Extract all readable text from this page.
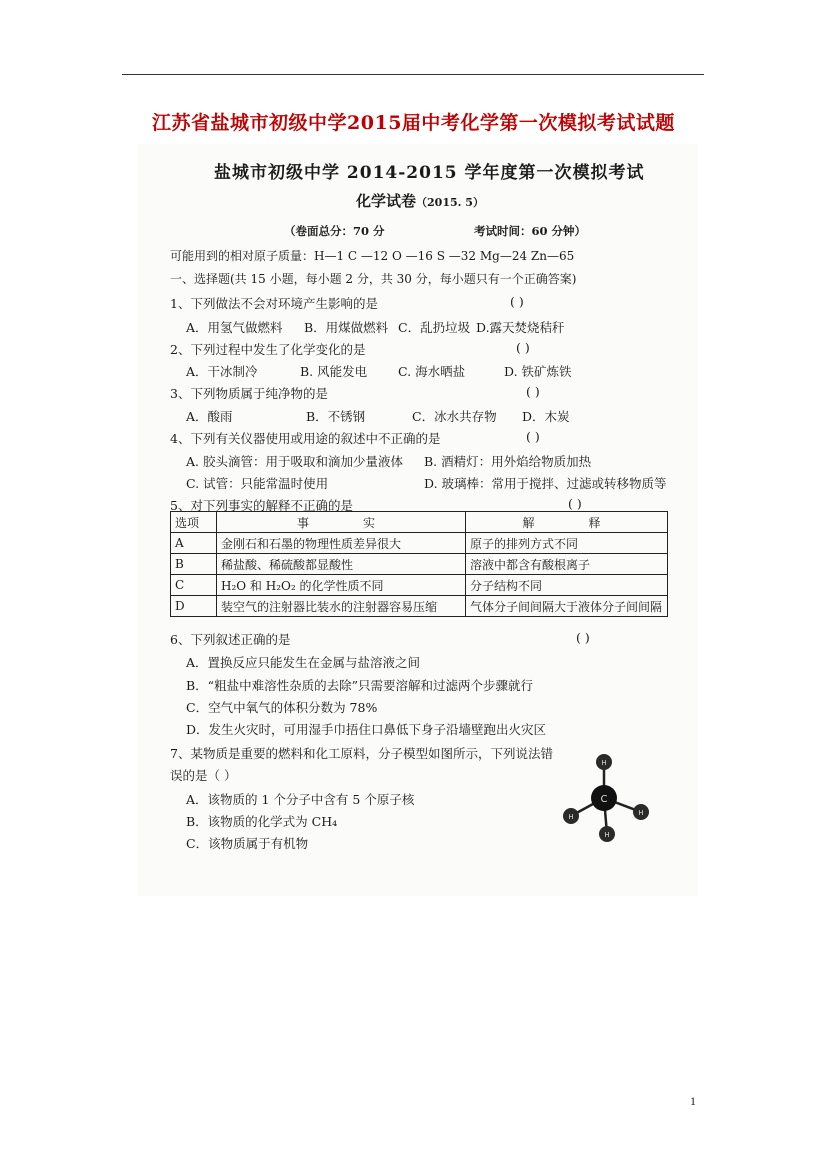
江苏省盐城市初级中学2015届中考化学第一次模拟考试试题
盐城市初级中学 2014-2015 学年度第一次模拟考试
化学试卷（2015. 5）
（卷面总分：70 分	考试时间：60 分钟）
可能用到的相对原子质量：H—1 C —12 O —16 S —32 Mg—24 Zn—65
一、选择题(共 15 小题，每小题 2 分，共 30 分，每小题只有一个正确答案)
1、下列做法不会对环境产生影响的是	( )
A．用氢气做燃料 B．用煤做燃料 C．乱扔垃圾 D.露天焚烧秸秆
2、下列过程中发生了化学变化的是	( )
A．干冰制冷	B. 风能发电 C. 海水晒盐	D. 铁矿炼铁
3、下列物质属于纯净物的是	( )
A．酸雨	B．不锈钢	C．冰水共存物 D．木炭
4、下列有关仪器使用或用途的叙述中不正确的是	( )
A. 胶头滴管：用于吸取和滴加少量液体 B. 酒精灯：用外焰给物质加热
C. 试管：只能常温时使用	D. 玻璃棒：常用于搅拌、过滤或转移物质等
5、对下列事实的解释不正确的是	( )
选项	事　　实	解　　释
A	金刚石和石墨的物理性质差异很大	原子的排列方式不同
B	稀盐酸、稀硫酸都显酸性	溶液中都含有酸根离子
C	H₂O 和 H₂O₂ 的化学性质不同	分子结构不同
D	装空气的注射器比装水的注射器容易压缩	气体分子间间隔大于液体分子间间隔
6、下列叙述正确的是	( )
A．置换反应只能发生在金属与盐溶液之间
B．“粗盐中难溶性杂质的去除”只需要溶解和过滤两个步骤就行
C．空气中氧气的体积分数为 78%
D．发生火灾时，可用湿手巾捂住口鼻低下身子沿墙壁跑出火灾区
7、某物质是重要的燃料和化工原料，分子模型如图所示，下列说法错
误的是（ ）
A．该物质的 1 个分子中含有 5 个原子核
B．该物质的化学式为 CH₄
C．该物质属于有机物
C
H
H
H
H
1
